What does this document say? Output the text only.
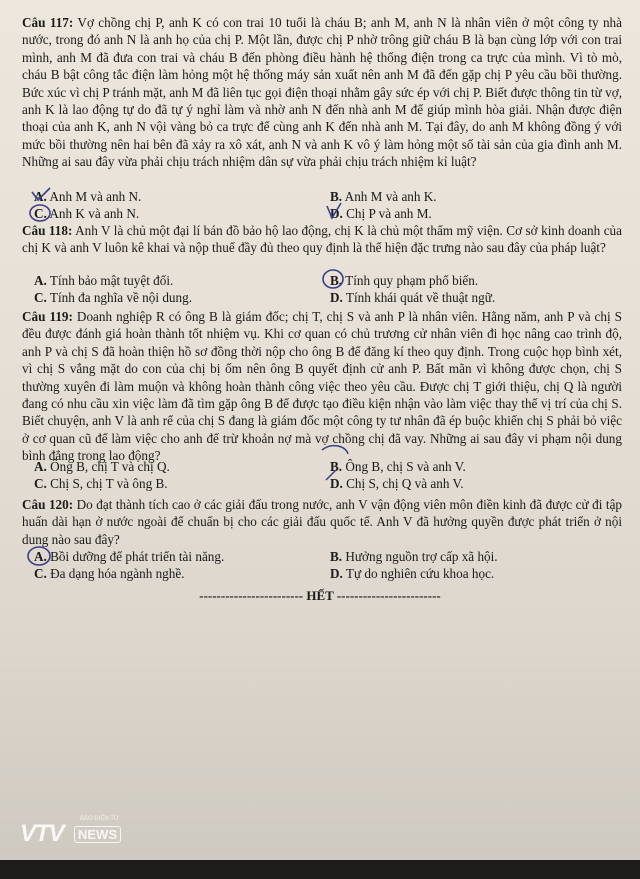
Câu 117: Vợ chồng chị P, anh K có con trai 10 tuổi là cháu B; anh M, anh N là nhân viên ở một công ty nhà nước, trong đó anh N là anh họ của chị P. Một lần, được chị P nhờ trông giữ cháu B là bạn cùng lớp với con trai mình, anh M đã đưa con trai và cháu B đến phòng điều hành hệ thống điện trong ca trực của mình. Vì tò mò, cháu B bật công tắc điện làm hỏng một hệ thống máy sản xuất nên anh M đã đến gặp chị P yêu cầu bồi thường. Bức xúc vì chị P tránh mặt, anh M đã liên tục gọi điện thoại nhằm gây sức ép với chị P. Biết được thông tin từ vợ, anh K là lao động tự do đã tự ý nghỉ làm và nhờ anh N đến nhà anh M để giúp mình hòa giải. Nhận được điện thoại của anh K, anh N vội vàng bỏ ca trực để cùng anh K đến nhà anh M. Tại đây, do anh M không đồng ý với mức bồi thường nên hai bên đã xảy ra xô xát, anh N và anh K vô ý làm hỏng một số tài sản của gia đình anh M. Những ai sau đây vừa phải chịu trách nhiệm dân sự vừa phải chịu trách nhiệm kỉ luật?
A. Anh M và anh N.	B. Anh M và anh K.
C. Anh K và anh N.	D. Chị P và anh M.
Câu 118: Anh V là chủ một đại lí bán đồ bảo hộ lao động, chị K là chủ một thẩm mỹ viện. Cơ sở kinh doanh của chị K và anh V luôn kê khai và nộp thuế đầy đủ theo quy định là thể hiện đặc trưng nào sau đây của pháp luật?
A. Tính bảo mật tuyệt đối.	B. Tính quy phạm phổ biến.
C. Tính đa nghĩa về nội dung.	D. Tính khái quát về thuật ngữ.
Câu 119: Doanh nghiệp R có ông B là giám đốc; chị T, chị S và anh P là nhân viên. Hằng năm, anh P và chị S đều được đánh giá hoàn thành tốt nhiệm vụ. Khi cơ quan có chủ trương cử nhân viên đi học nâng cao trình độ, anh P và chị S đã hoàn thiện hồ sơ đồng thời nộp cho ông B để đăng kí theo quy định. Trong cuộc họp bình xét, vì chị S vắng mặt do con của chị bị ốm nên ông B quyết định cử anh P. Bất mãn vì không được chọn, chị S thường xuyên đi làm muộn và không hoàn thành công việc theo yêu cầu. Được chị T giới thiệu, chị Q là người đang có nhu cầu xin việc làm đã tìm gặp ông B để được tạo điều kiện nhận vào làm việc thay thế vị trí của chị S. Biết chuyện, anh V là anh rể của chị S đang là giám đốc một công ty tư nhân đã ép buộc khiến chị S phải bỏ việc ở cơ quan cũ để làm việc cho anh để trừ khoản nợ mà vợ chồng chị đã vay. Những ai sau đây vi phạm nội dung bình đẳng trong lao động?
A. Ông B, chị T và chị Q.	B. Ông B, chị S và anh V.
C. Chị S, chị T và ông B.	D. Chị S, chị Q và anh V.
Câu 120: Do đạt thành tích cao ở các giải đấu trong nước, anh V vận động viên môn điền kinh đã được cử đi tập huấn dài hạn ở nước ngoài để chuẩn bị cho các giải đấu quốc tế. Anh V đã hưởng quyền được phát triển ở nội dung nào sau đây?
A. Bồi dưỡng để phát triển tài năng.	B. Hưởng nguồn trợ cấp xã hội.
C. Đa dạng hóa ngành nghề.	D. Tự do nghiên cứu khoa học.
------------------------ HẾT ------------------------
VTV
BÁO ĐIỆN TỬ
NEWS
